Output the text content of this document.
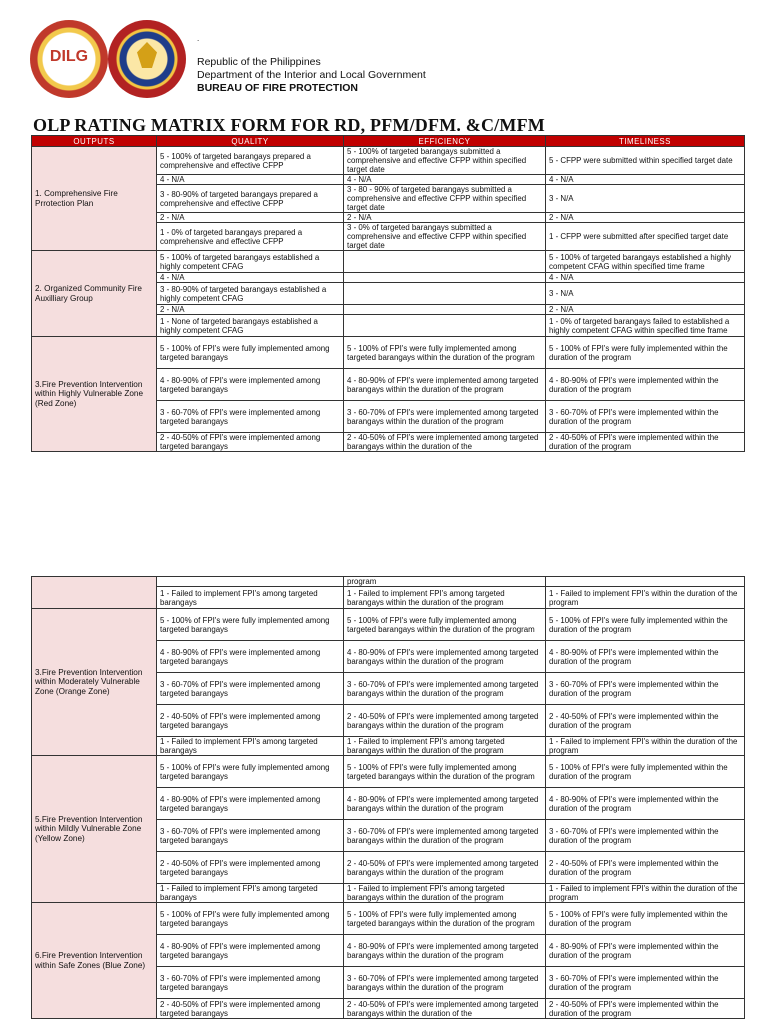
DILG
.
Republic of the Philippines
Department of the Interior and Local Government
BUREAU OF FIRE PROTECTION
OLP RATING MATRIX FORM FOR RD, PFM/DFM. &C/MFM
OUTPUTS	QUALITY	EFFICIENCY	TIMELINESS
1. Comprehensive Fire Prrotection Plan	5 - 100% of targeted barangays prepared a comprehensive and effective CFPP	5 - 100% of targeted barangays submitted a comprehensive and effective CFPP within specified target date	5 - CFPP were submitted within specified target date
	4 - N/A	4 - N/A	4 - N/A
	3 - 80-90% of targeted barangays prepared a comprehensive and effective CFPP	3 - 80 - 90% of targeted barangays submitted a comprehensive and effective CFPP within specified target date	3 - N/A
	2 - N/A	2 - N/A	2 - N/A
	1 - 0% of targeted barangays prepared a comprehensive and effective CFPP	3 - 0% of targeted barangays submitted a comprehensive and effective CFPP within specified target date	1 - CFPP were submitted after specified target date
2. Organized Community Fire Auxilliary Group	5 - 100% of targeted barangays established a highly competent CFAG		5 - 100% of targeted barangays established a highly competent CFAG within specified time frame
	4 - N/A		4 - N/A
	3 - 80-90% of targeted barangays established a highly competent CFAG		3 - N/A
	2 - N/A		2 - N/A
	1 - None of targeted barangays established a highly competent CFAG		1 - 0% of targeted barangays failed to established a highly competent CFAG within specified time frame
3.Fire Prevention Intervention within Highly Vulnerable Zone (Red Zone)	5 - 100% of FPI's were fully implemented among targeted barangays	5 - 100% of FPI's were fully implemented among targeted barangays within the duration of the program	5 - 100% of FPI's were fully implemented within the duration of the program
	4 - 80-90% of FPI's were implemented among targeted barangays	4 - 80-90% of FPI's were implemented among targeted barangays within the duration of the program	4 - 80-90% of FPI's were implemented within the duration of the program
	3 - 60-70% of FPI's were implemented among targeted barangays	3 - 60-70% of FPI's were implemented among targeted barangays within the duration of the program	3 - 60-70% of FPI's were implemented within the duration of the program
	2 - 40-50% of FPI's were implemented among targeted barangays	2 - 40-50% of FPI's were implemented among targeted barangays within the duration of the	2 - 40-50% of FPI's were implemented within the duration of the program
		program	
	1 - Failed to implement FPI's among targeted barangays	1 - Failed to implement FPI's among targeted barangays within the duration of the program	1 - Failed to implement FPI's within the duration of the program
3.Fire Prevention Intervention within Moderately Vulnerable Zone (Orange Zone)	5 - 100% of FPI's were fully implemented among targeted barangays	5 - 100% of FPI's were fully implemented among targeted barangays within the duration of the program	5 - 100% of FPI's were fully implemented within the duration of the program
	4 - 80-90% of FPI's were implemented among targeted barangays	4 - 80-90% of FPI's were implemented among targeted barangays within the duration of the program	4 - 80-90% of FPI's were implemented within the duration of the program
	3 - 60-70% of FPI's were implemented among targeted barangays	3 - 60-70% of FPI's were implemented among targeted barangays within the duration of the program	3 - 60-70% of FPI's were implemented within the duration of the program
	2 - 40-50% of FPI's were implemented among targeted barangays	2 - 40-50% of FPI's were implemented among targeted barangays within the duration of the program	2 - 40-50% of FPI's were implemented within the duration of the program
	1 - Failed to implement FPI's among targeted barangays	1 - Failed to implement FPI's among targeted barangays within the duration of the program	1 - Failed to implement FPI's within the duration of the program
5.Fire Prevention Intervention within Mildly Vulnerable Zone (Yellow Zone)	5 - 100% of FPI's were fully implemented among targeted barangays	5 - 100% of FPI's were fully implemented among targeted barangays within the duration of the program	5 - 100% of FPI's were fully implemented within the duration of the program
	4 - 80-90% of FPI's were implemented among targeted barangays	4 - 80-90% of FPI's were implemented among targeted barangays within the duration of the program	4 - 80-90% of FPI's were implemented within the duration of the program
	3 - 60-70% of FPI's were implemented among targeted barangays	3 - 60-70% of FPI's were implemented among targeted barangays within the duration of the program	3 - 60-70% of FPI's were implemented within the duration of the program
	2 - 40-50% of FPI's were implemented among targeted barangays	2 - 40-50% of FPI's were implemented among targeted barangays within the duration of the program	2 - 40-50% of FPI's were implemented within the duration of the program
	1 - Failed to implement FPI's among targeted barangays	1 - Failed to implement FPI's among targeted barangays within the duration of the program	1 - Failed to implement FPI's within the duration of the program
6.Fire Prevention Intervention within Safe Zones (Blue Zone)	5 - 100% of FPI's were fully implemented among targeted barangays	5 - 100% of FPI's were fully implemented among targeted barangays within the duration of the program	5 - 100% of FPI's were fully implemented within the duration of the program
	4 - 80-90% of FPI's were implemented among targeted barangays	4 - 80-90% of FPI's were implemented among targeted barangays within the duration of the program	4 - 80-90% of FPI's were implemented within the duration of the program
	3 - 60-70% of FPI's were implemented among targeted barangays	3 - 60-70% of FPI's were implemented among targeted barangays within the duration of the program	3 - 60-70% of FPI's were implemented within the duration of the program
	2 - 40-50% of FPI's were implemented among targeted barangays	2 - 40-50% of FPI's were implemented among targeted barangays within the duration of the	2 - 40-50% of FPI's were implemented within the duration of the program
